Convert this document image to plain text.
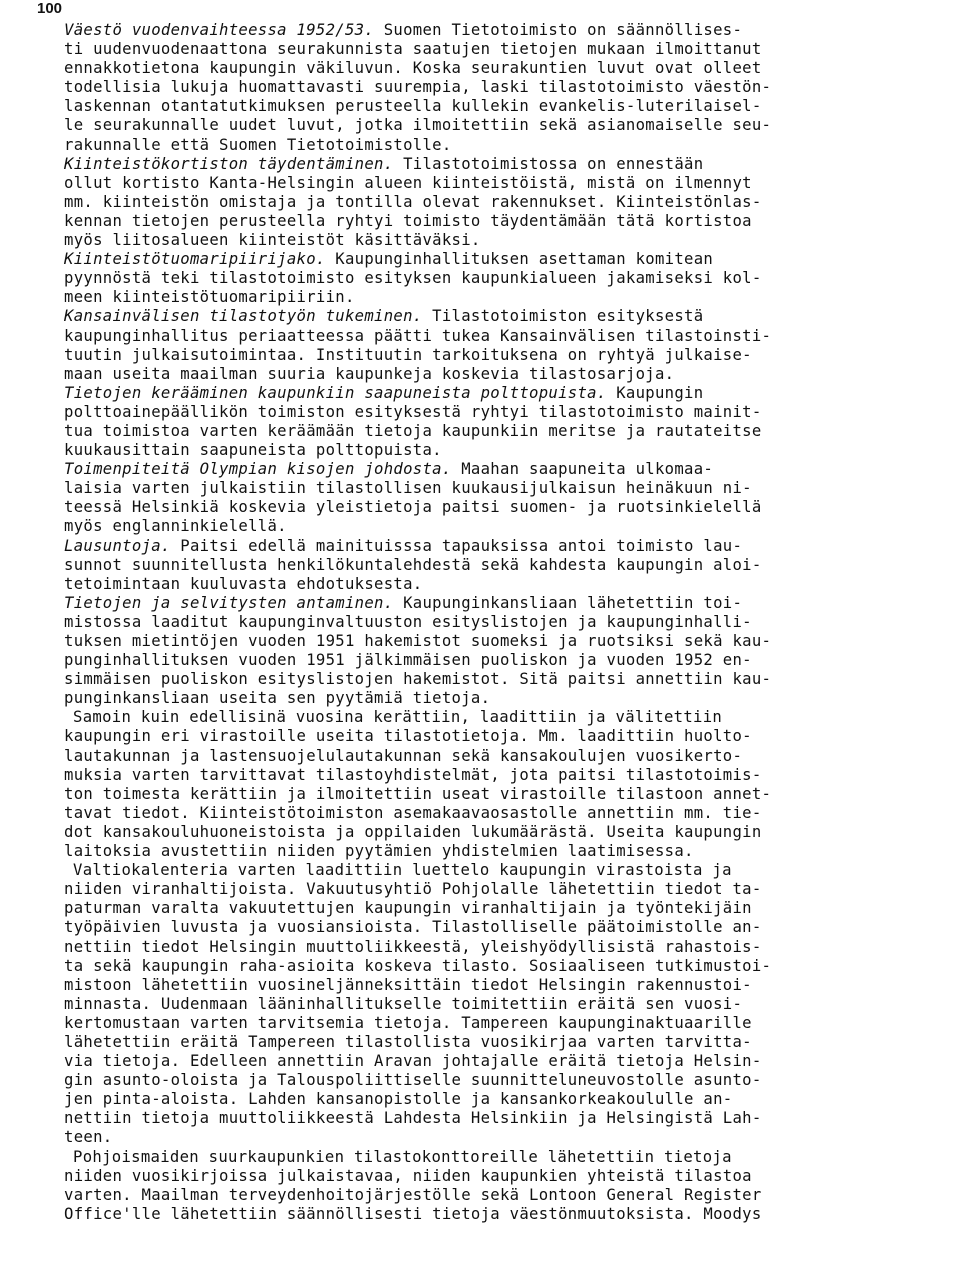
100
Väestö vuodenvaihteessa 1952/53. Suomen Tietotoimisto on säännöllises-
ti uudenvuodenaattona seurakunnista saatujen tietojen mukaan ilmoittanut
ennakkotietona kaupungin väkiluvun. Koska seurakuntien luvut ovat olleet
todellisia lukuja huomattavasti suurempia, laski tilastotoimisto väestön-
laskennan otantatutkimuksen perusteella kullekin evankelis-luterilaisel-
le seurakunnalle uudet luvut, jotka ilmoitettiin sekä asianomaiselle seu-
rakunnalle että Suomen Tietotoimistolle.
Kiinteistökortiston täydentäminen. Tilastotoimistossa on ennestään
ollut kortisto Kanta-Helsingin alueen kiinteistöistä, mistä on ilmennyt
mm. kiinteistön omistaja ja tontilla olevat rakennukset. Kiinteistönlas-
kennan tietojen perusteella ryhtyi toimisto täydentämään tätä kortistoa
myös liitosalueen kiinteistöt käsittäväksi.
Kiinteistötuomaripiirijako. Kaupunginhallituksen asettaman komitean
pyynnöstä teki tilastotoimisto esityksen kaupunkialueen jakamiseksi kol-
meen kiinteistötuomaripiiriin.
Kansainvälisen tilastotyön tukeminen. Tilastotoimiston esityksestä
kaupunginhallitus periaatteessa päätti tukea Kansainvälisen tilastoinsti-
tuutin julkaisutoimintaa. Instituutin tarkoituksena on ryhtyä julkaise-
maan useita maailman suuria kaupunkeja koskevia tilastosarjoja.
Tietojen kerääminen kaupunkiin saapuneista polttopuista. Kaupungin
polttoainepäällikön toimiston esityksestä ryhtyi tilastotoimisto mainit-
tua toimistoa varten keräämään tietoja kaupunkiin meritse ja rautateitse
kuukausittain saapuneista polttopuista.
Toimenpiteitä Olympian kisojen johdosta. Maahan saapuneita ulkomaa-
laisia varten julkaistiin tilastollisen kuukausijulkaisun heinäkuun ni-
teessä Helsinkiä koskevia yleistietoja paitsi suomen- ja ruotsinkielellä
myös englanninkielellä.
Lausuntoja. Paitsi edellä mainituisssa tapauksissa antoi toimisto lau-
sunnot suunnitellusta henkilökuntalehdestä sekä kahdesta kaupungin aloi-
tetoimintaan kuuluvasta ehdotuksesta.
Tietojen ja selvitysten antaminen. Kaupunginkansliaan lähetettiin toi-
mistossa laaditut kaupunginvaltuuston esityslistojen ja kaupunginhalli-
tuksen mietintöjen vuoden 1951 hakemistot suomeksi ja ruotsiksi sekä kau-
punginhallituksen vuoden 1951 jälkimmäisen puoliskon ja vuoden 1952 en-
simmäisen puoliskon esityslistojen hakemistot. Sitä paitsi annettiin kau-
punginkansliaan useita sen pyytämiä tietoja.
Samoin kuin edellisinä vuosina kerättiin, laadittiin ja välitettiin
kaupungin eri virastoille useita tilastotietoja. Mm. laadittiin huolto-
lautakunnan ja lastensuojelulautakunnan sekä kansakoulujen vuosikerto-
muksia varten tarvittavat tilastoyhdistelmät, jota paitsi tilastotoimis-
ton toimesta kerättiin ja ilmoitettiin useat virastoille tilastoon annet-
tavat tiedot. Kiinteistötoimiston asemakaavaosastolle annettiin mm. tie-
dot kansakouluhuoneistoista ja oppilaiden lukumäärästä. Useita kaupungin
laitoksia avustettiin niiden pyytämien yhdistelmien laatimisessa.
Valtiokalenteria varten laadittiin luettelo kaupungin virastoista ja
niiden viranhaltijoista. Vakuutusyhtiö Pohjolalle lähetettiin tiedot ta-
paturman varalta vakuutettujen kaupungin viranhaltijain ja työntekijäin
työpäivien luvusta ja vuosiansioista. Tilastolliselle päätoimistolle an-
nettiin tiedot Helsingin muuttoliikkeestä, yleishyödyllisistä rahastois-
ta sekä kaupungin raha-asioita koskeva tilasto. Sosiaaliseen tutkimustoi-
mistoon lähetettiin vuosineljänneksittäin tiedot Helsingin rakennustoi-
minnasta. Uudenmaan lääninhallitukselle toimitettiin eräitä sen vuosi-
kertomustaan varten tarvitsemia tietoja. Tampereen kaupunginaktuaarille
lähetettiin eräitä Tampereen tilastollista vuosikirjaa varten tarvitta-
via tietoja. Edelleen annettiin Aravan johtajalle eräitä tietoja Helsin-
gin asunto-oloista ja Talouspoliittiselle suunnitteluneuvostolle asunto-
jen pinta-aloista. Lahden kansanopistolle ja kansankorkeakoululle an-
nettiin tietoja muuttoliikkeestä Lahdesta Helsinkiin ja Helsingistä Lah-
teen.
Pohjoismaiden suurkaupunkien tilastokonttoreille lähetettiin tietoja
niiden vuosikirjoissa julkaistavaa, niiden kaupunkien yhteistä tilastoa
varten. Maailman terveydenhoitojärjestölle sekä Lontoon General Register
Office'lle lähetettiin säännöllisesti tietoja väestönmuutoksista. Moodys
